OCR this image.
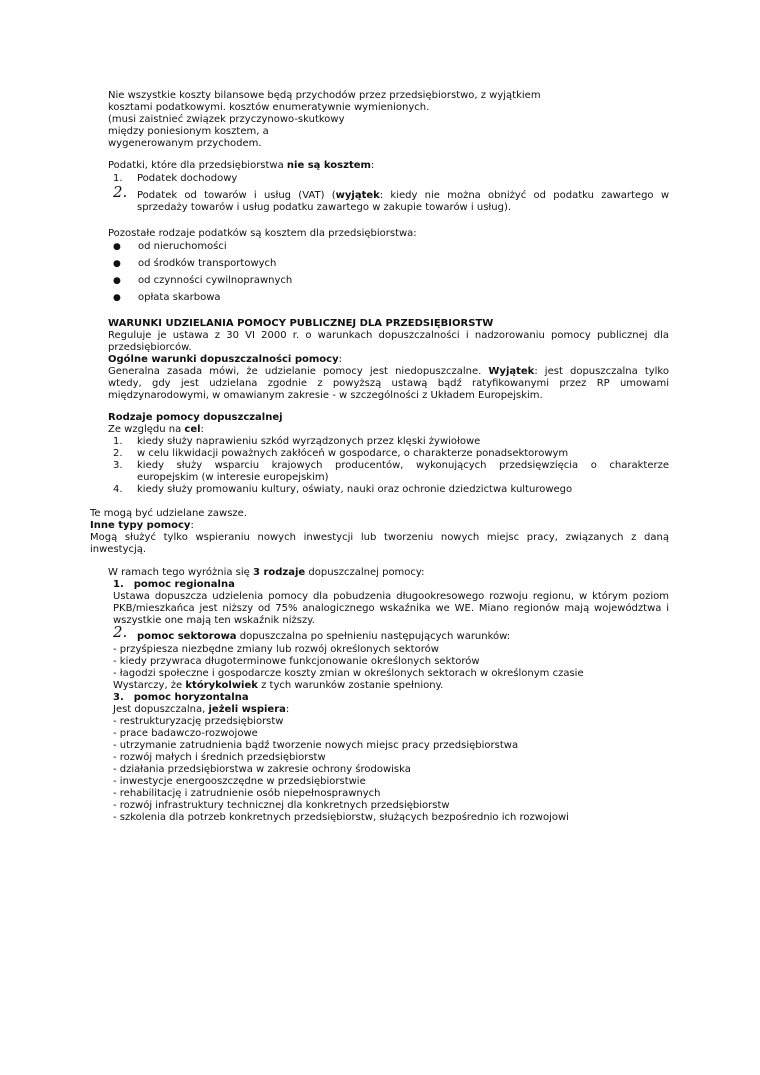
Nie wszystkie koszty bilansowe będą przychodów przez przedsiębiorstwo, z wyjątkiem
kosztami podatkowymi. kosztów enumeratywnie wymienionych.
(musi zaistnieć związek przyczynowo-skutkowy
między poniesionym kosztem, a
wygenerowanym przychodem.
Podatki, które dla przedsiębiorstwa nie są kosztem:
1. Podatek dochodowy
2. Podatek od towarów i usług (VAT) (wyjątek: kiedy nie można obniżyć od podatku zawartego w
sprzedaży towarów i usług podatku zawartego w zakupie towarów i usług).
Pozostałe rodzaje podatków są kosztem dla przedsiębiorstwa:
● od nieruchomości
● od środków transportowych
● od czynności cywilnoprawnych
● opłata skarbowa
WARUNKI UDZIELANIA POMOCY PUBLICZNEJ DLA PRZEDSIĘBIORSTW
Reguluje je ustawa z 30 VI 2000 r. o warunkach dopuszczalności i nadzorowaniu pomocy publicznej dla
przedsiębiorców.
Ogólne warunki dopuszczalności pomocy:
Generalna zasada mówi, że udzielanie pomocy jest niedopuszczalne. Wyjątek: jest dopuszczalna tylko
wtedy, gdy jest udzielana zgodnie z powyższą ustawą bądź ratyfikowanymi przez RP umowami
międzynarodowymi, w omawianym zakresie - w szczególności z Układem Europejskim.
Rodzaje pomocy dopuszczalnej
Ze względu na cel:
1. kiedy służy naprawieniu szkód wyrządzonych przez klęski żywiołowe
2. w celu likwidacji poważnych zakłóceń w gospodarce, o charakterze ponadsektorowym
3. kiedy służy wsparciu krajowych producentów, wykonujących przedsięwzięcia o charakterze
europejskim (w interesie europejskim)
4. kiedy służy promowaniu kultury, oświaty, nauki oraz ochronie dziedzictwa kulturowego
Te mogą być udzielane zawsze.
Inne typy pomocy:
Mogą służyć tylko wspieraniu nowych inwestycji lub tworzeniu nowych miejsc pracy, związanych z daną
inwestycją.
W ramach tego wyróżnia się 3 rodzaje dopuszczalnej pomocy:
1. pomoc regionalna
Ustawa dopuszcza udzielenia pomocy dla pobudzenia długookresowego rozwoju regionu, w którym poziom
PKB/mieszkańca jest niższy od 75% analogicznego wskaźnika we WE. Miano regionów mają województwa i
wszystkie one mają ten wskaźnik niższy.
2. pomoc sektorowa dopuszczalna po spełnieniu następujących warunków:
- przyśpiesza niezbędne zmiany lub rozwój określonych sektorów
- kiedy przywraca długoterminowe funkcjonowanie określonych sektorów
- łagodzi społeczne i gospodarcze koszty zmian w określonych sektorach w określonym czasie
Wystarczy, że którykolwiek z tych warunków zostanie spełniony.
3. pomoc horyzontalna
Jest dopuszczalna, jeżeli wspiera:
- restrukturyzację przedsiębiorstw
- prace badawczo-rozwojowe
- utrzymanie zatrudnienia bądź tworzenie nowych miejsc pracy przedsiębiorstwa
- rozwój małych i średnich przedsiębiorstw
- działania przedsiębiorstwa w zakresie ochrony środowiska
- inwestycje energooszczędne w przedsiębiorstwie
- rehabilitację i zatrudnienie osób niepełnosprawnych
- rozwój infrastruktury technicznej dla konkretnych przedsiębiorstw
- szkolenia dla potrzeb konkretnych przedsiębiorstw, służących bezpośrednio ich rozwojowi
